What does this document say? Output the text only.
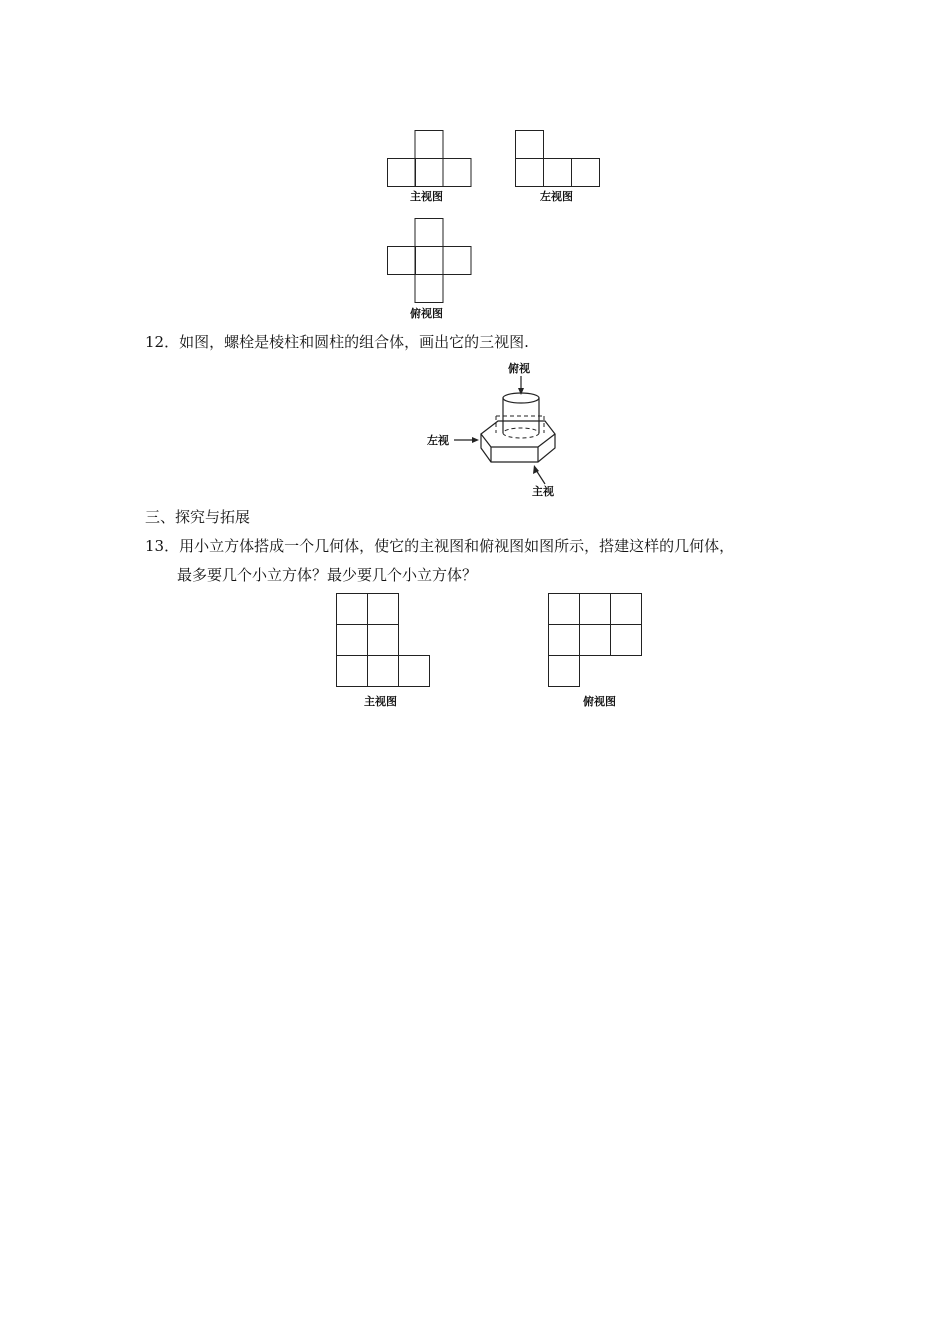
主视图	左视图
俯视图
12．如图，螺栓是棱柱和圆柱的组合体，画出它的三视图.
俯视
左视
主视
三、探究与拓展
13．用小立方体搭成一个几何体，使它的主视图和俯视图如图所示，搭建这样的几何体，
最多要几个小立方体？最少要几个小立方体？
主视图	俯视图
